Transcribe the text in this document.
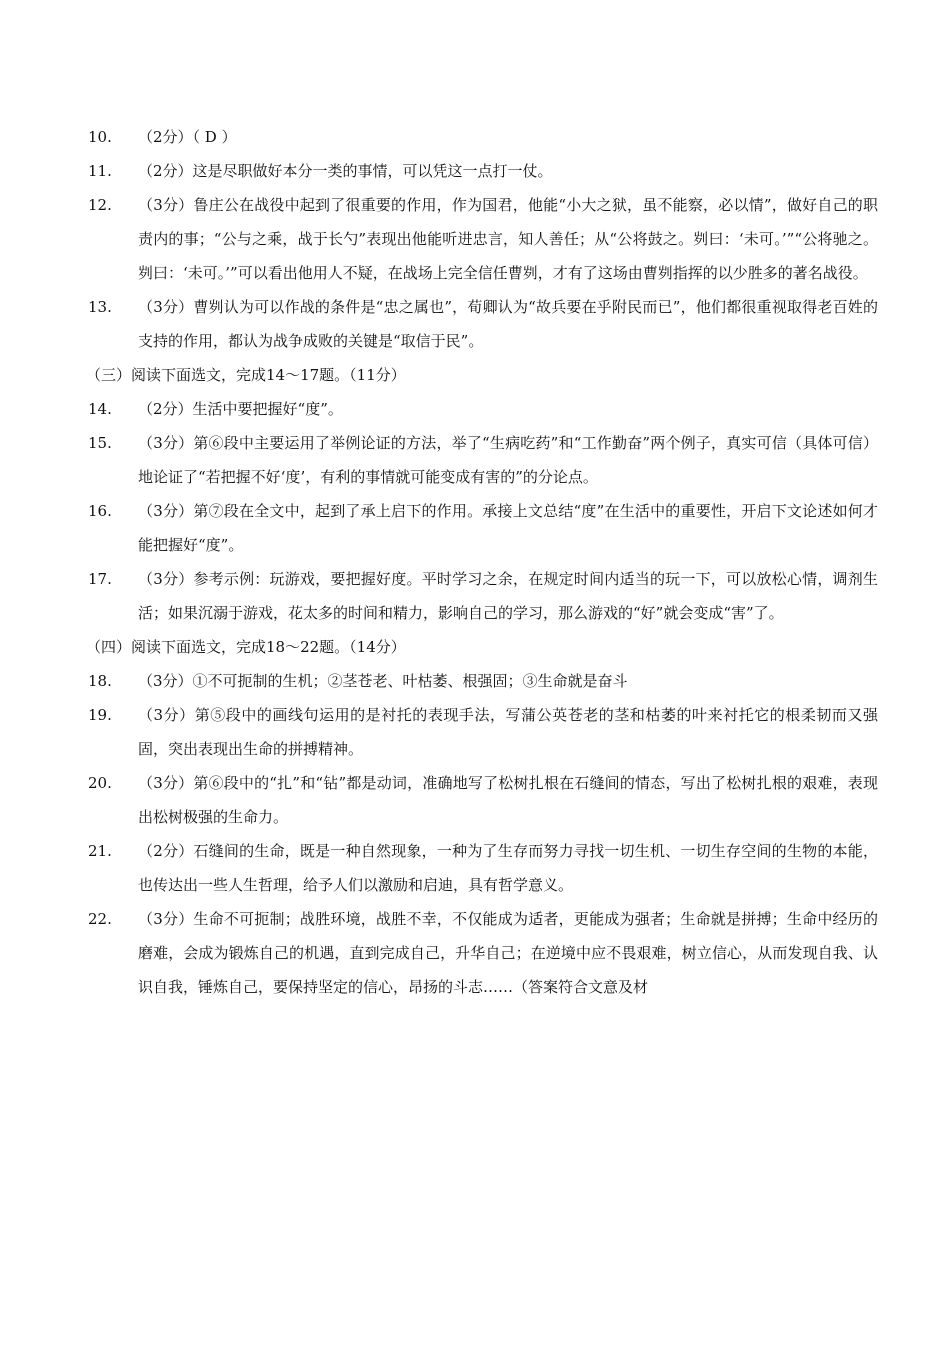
10. （2分）（ D ）
11. （2分）这是尽职做好本分一类的事情，可以凭这一点打一仗。
12. （3分）鲁庄公在战役中起到了很重要的作用，作为国君，他能“小大之狱，虽不能察，必以情”，做好自己的职责内的事；“公与之乘，战于长勺”表现出他能听进忠言，知人善任；从“公将鼓之。刿曰：‘未可。’”“公将驰之。刿曰：‘未可。’”可以看出他用人不疑，在战场上完全信任曹刿，才有了这场由曹刿指挥的以少胜多的著名战役。
13. （3分）曹刿认为可以作战的条件是“忠之属也”，荀卿认为“故兵要在乎附民而已”，他们都很重视取得老百姓的支持的作用，都认为战争成败的关键是“取信于民”。
（三）阅读下面选文，完成14～17题。（11分）
14. （2分）生活中要把握好“度”。
15. （3分）第⑥段中主要运用了举例论证的方法，举了“生病吃药”和“工作勤奋”两个例子，真实可信（具体可信）地论证了“若把握不好‘度’，有利的事情就可能变成有害的”的分论点。
16. （3分）第⑦段在全文中，起到了承上启下的作用。承接上文总结“度”在生活中的重要性，开启下文论述如何才能把握好“度”。
17. （3分）参考示例：玩游戏，要把握好度。平时学习之余，在规定时间内适当的玩一下，可以放松心情，调剂生活；如果沉溺于游戏，花太多的时间和精力，影响自己的学习，那么游戏的“好”就会变成“害”了。
（四）阅读下面选文，完成18～22题。（14分）
18. （3分）①不可扼制的生机；②茎苍老、叶枯萎、根强固；③生命就是奋斗
19. （3分）第⑤段中的画线句运用的是衬托的表现手法，写蒲公英苍老的茎和枯萎的叶来衬托它的根柔韧而又强固，突出表现出生命的拼搏精神。
20. （3分）第⑥段中的“扎”和“钻”都是动词，准确地写了松树扎根在石缝间的情态，写出了松树扎根的艰难，表现出松树极强的生命力。
21. （2分）石缝间的生命，既是一种自然现象，一种为了生存而努力寻找一切生机、一切生存空间的生物的本能，也传达出一些人生哲理，给予人们以激励和启迪，具有哲学意义。
22. （3分）生命不可扼制；战胜环境，战胜不幸，不仅能成为适者，更能成为强者；生命就是拼搏；生命中经历的磨难，会成为锻炼自己的机遇，直到完成自己，升华自己；在逆境中应不畏艰难，树立信心，从而发现自我、认识自我，锤炼自己，要保持坚定的信心，昂扬的斗志……（答案符合文意及材
